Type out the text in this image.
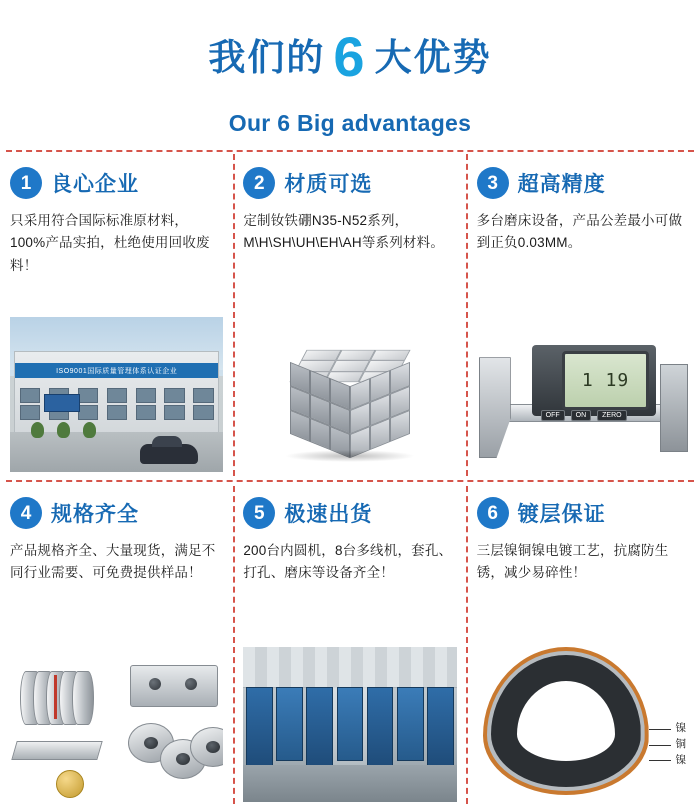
我们的 6 大优势
Our 6 Big advantages
1 良心企业
只采用符合国际标准原材料，100%产品实拍，杜绝使用回收废料！
ISO9001国际质量管理体系认证企业
2 材质可选
定制钕铁硼N35-N52系列，M\H\SH\UH\EH\AH等系列材料。
3 超高精度
多台磨床设备，产品公差最小可做到正负0.03MM。
1 19
OFF	ON	ZERO
4 规格齐全
产品规格齐全、大量现货，满足不同行业需要、可免费提供样品！
5 极速出货
200台内圆机，8台多线机，套孔、打孔、磨床等设备齐全！
6 镀层保证
三层镍铜镍电镀工艺，抗腐防生锈，减少易碎性！
镍
铜
镍
